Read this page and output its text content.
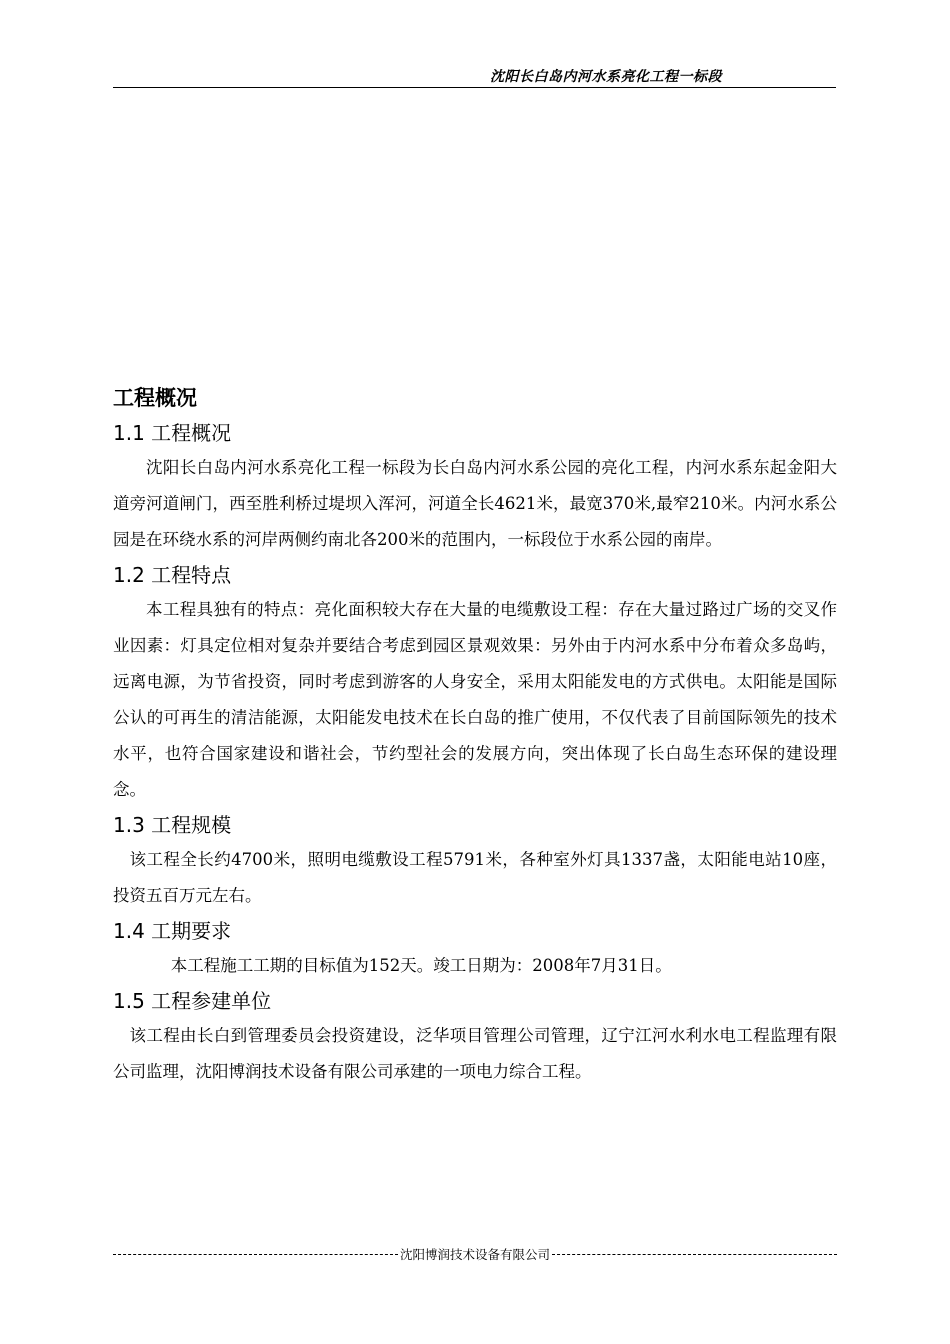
沈阳长白岛内河水系亮化工程一标段
工程概况
1.1 工程概况

沈阳长白岛内河水系亮化工程一标段为长白岛内河水系公园的亮化工程，内河水系东起金阳大道旁河道闸门，西至胜利桥过堤坝入浑河，河道全长4621米，最宽370米,最窄210米。内河水系公园是在环绕水系的河岸两侧约南北各200米的范围内，一标段位于水系公园的南岸。

1.2 工程特点

本工程具独有的特点：亮化面积较大存在大量的电缆敷设工程：存在大量过路过广场的交叉作业因素：灯具定位相对复杂并要结合考虑到园区景观效果：另外由于内河水系中分布着众多岛屿，远离电源，为节省投资，同时考虑到游客的人身安全，采用太阳能发电的方式供电。太阳能是国际公认的可再生的清洁能源，太阳能发电技术在长白岛的推广使用，不仅代表了目前国际领先的技术水平，也符合国家建设和谐社会，节约型社会的发展方向，突出体现了长白岛生态环保的建设理念。

1.3 工程规模

该工程全长约4700米，照明电缆敷设工程5791米，各种室外灯具1337盏，太阳能电站10座，投资五百万元左右。

1.4 工期要求

本工程施工工期的目标值为152天。竣工日期为：2008年7月31日。

1.5 工程参建单位

该工程由长白到管理委员会投资建设，泛华项目管理公司管理，辽宁江河水利水电工程监理有限公司监理，沈阳博润技术设备有限公司承建的一项电力综合工程。

沈阳博润技术设备有限公司
